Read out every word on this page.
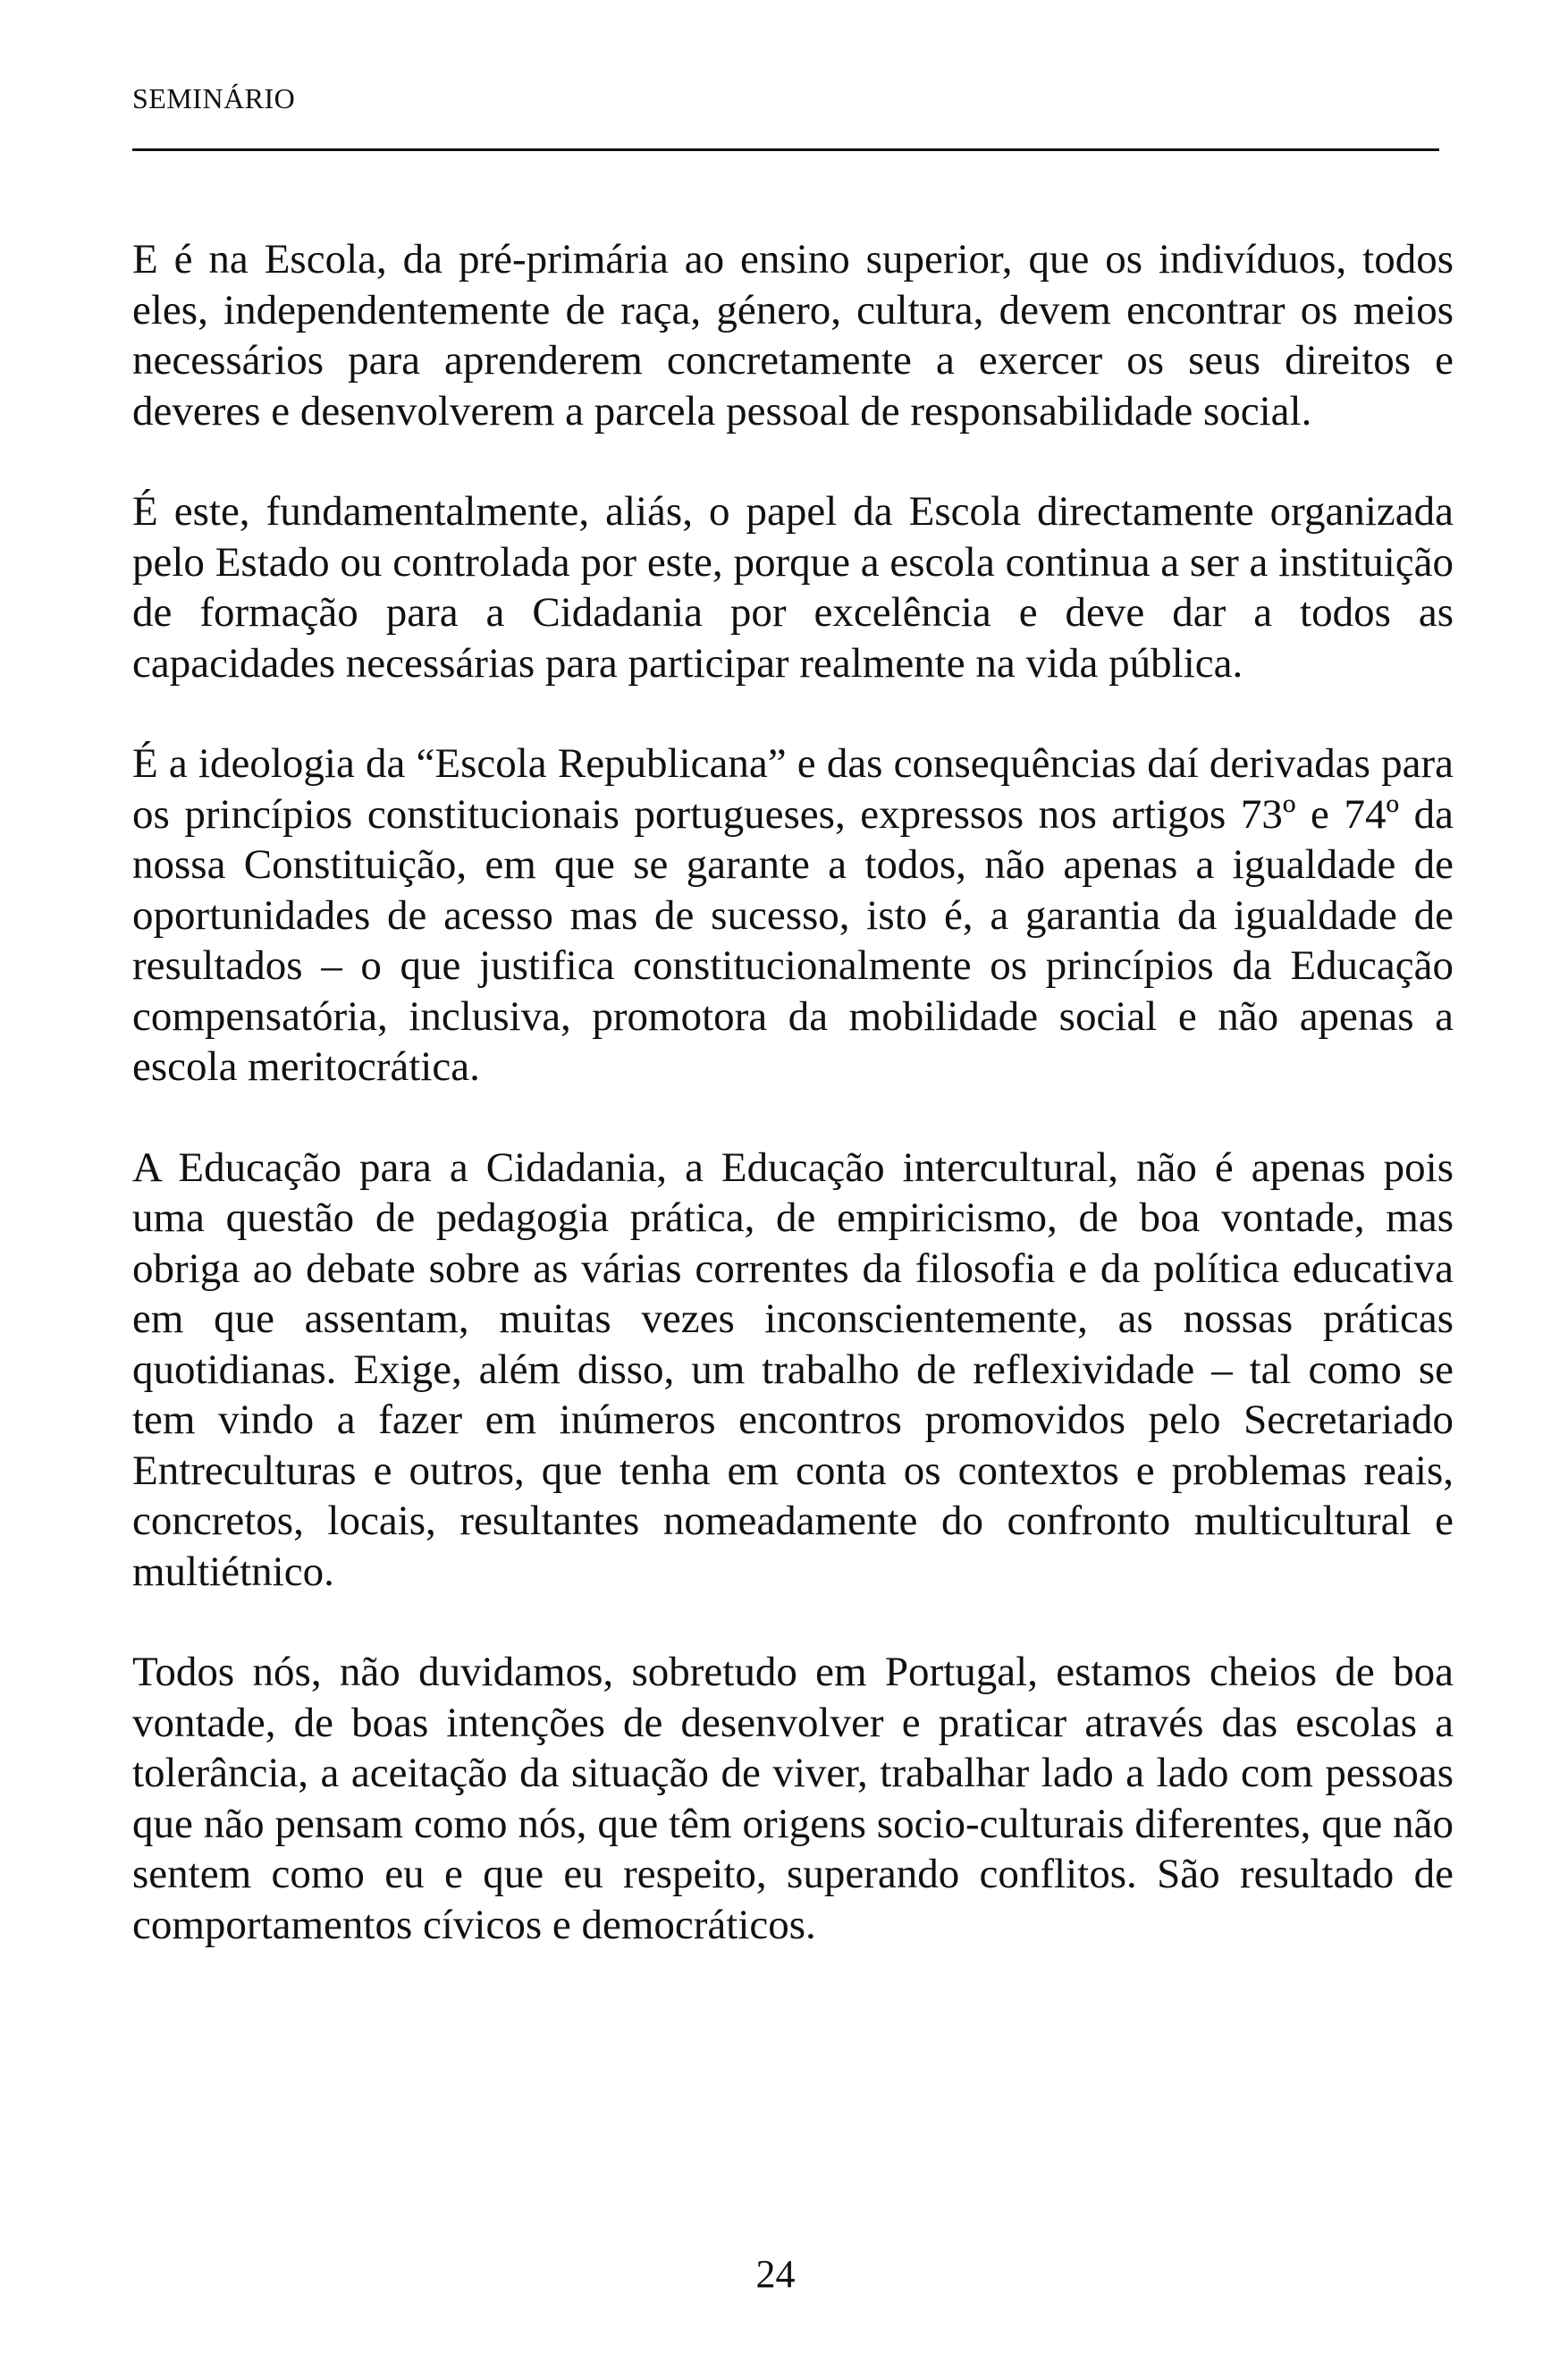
SEMINÁRIO

E é na Escola, da pré-primária ao ensino superior, que os indivíduos, todos eles, independentemente de raça, género, cultura, devem encontrar os meios necessários para aprenderem concretamente a exercer os seus direitos e deveres e desenvolverem a parcela pessoal de responsabilidade social.

É este, fundamentalmente, aliás, o papel da Escola directamente organizada pelo Estado ou controlada por este, porque a escola continua a ser a instituição de formação para a Cidadania por excelência e deve dar a todos as capacidades necessárias para participar realmente na vida pública.

É a ideologia da “Escola Republicana” e das consequências daí derivadas para os princípios constitucionais portugueses, expressos nos artigos 73º e 74º da nossa Constituição, em que se garante a todos, não apenas a igualdade de oportunidades de acesso mas de sucesso, isto é, a garantia da igualdade de resultados – o que justifica constitucionalmente os princípios da Educação compensatória, inclusiva, promotora da mobilidade social e não apenas a escola meritocrática.

A Educação para a Cidadania, a Educação intercultural, não é apenas pois uma questão de pedagogia prática, de empiricismo, de boa vontade, mas obriga ao debate sobre as várias correntes da filosofia e da política educativa em que assentam, muitas vezes inconscientemente, as nossas práticas quotidianas. Exige, além disso, um trabalho de reflexividade – tal como se tem vindo a fazer em inúmeros encontros promovidos pelo Secretariado Entreculturas e outros, que tenha em conta os contextos e problemas reais, concretos, locais, resultantes nomeadamente do confronto multicultural e multiétnico.

Todos nós, não duvidamos, sobretudo em Portugal, estamos cheios de boa vontade, de boas intenções de desenvolver e praticar através das escolas a tolerância, a aceitação da situação de viver, trabalhar lado a lado com pessoas que não pensam como nós, que têm origens socio-culturais diferentes, que não sentem como eu e que eu respeito, superando conflitos. São resultado de comportamentos cívicos e democráticos.

24
